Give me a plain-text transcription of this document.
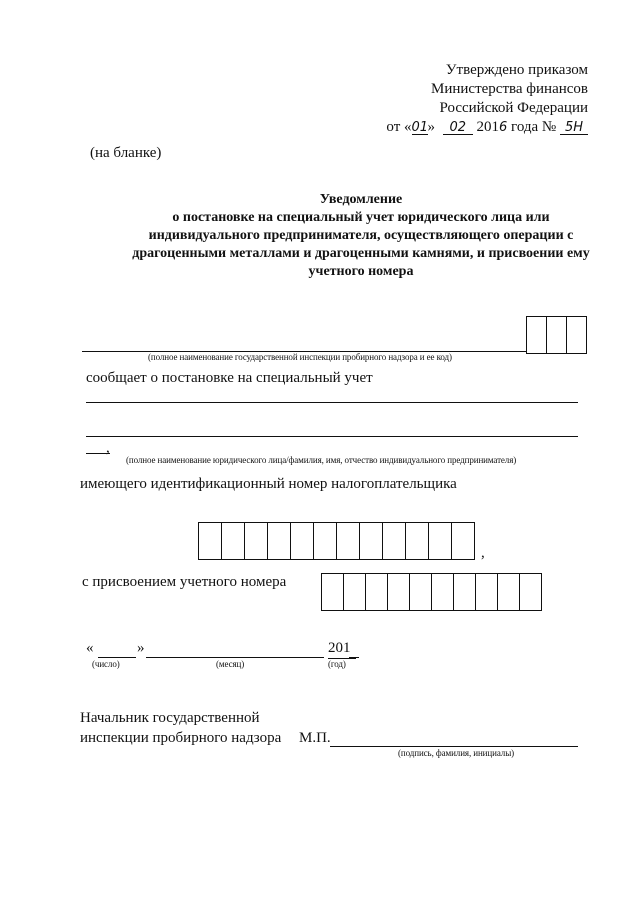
Утверждено приказом
Министерства финансов
Российской Федерации
от «01» 02 2016 года № 5Н
(на бланке)
Уведомление
о постановке на специальный учет юридического лица или
индивидуального предпринимателя, осуществляющего операции с
драгоценными металлами и драгоценными камнями, и присвоении ему
учетного номера
(полное наименование государственной инспекции пробирного надзора и ее код)
сообщает о постановке на специальный учет
,
(полное наименование юридического лица/фамилия, имя, отчество индивидуального предпринимателя)
имеющего идентификационный номер налогоплательщика
,
с присвоением учетного номера
«	»	201
(число)	(месяц)	(год)
Начальник государственной
инспекции пробирного надзора М.П.
(подпись, фамилия, инициалы)
